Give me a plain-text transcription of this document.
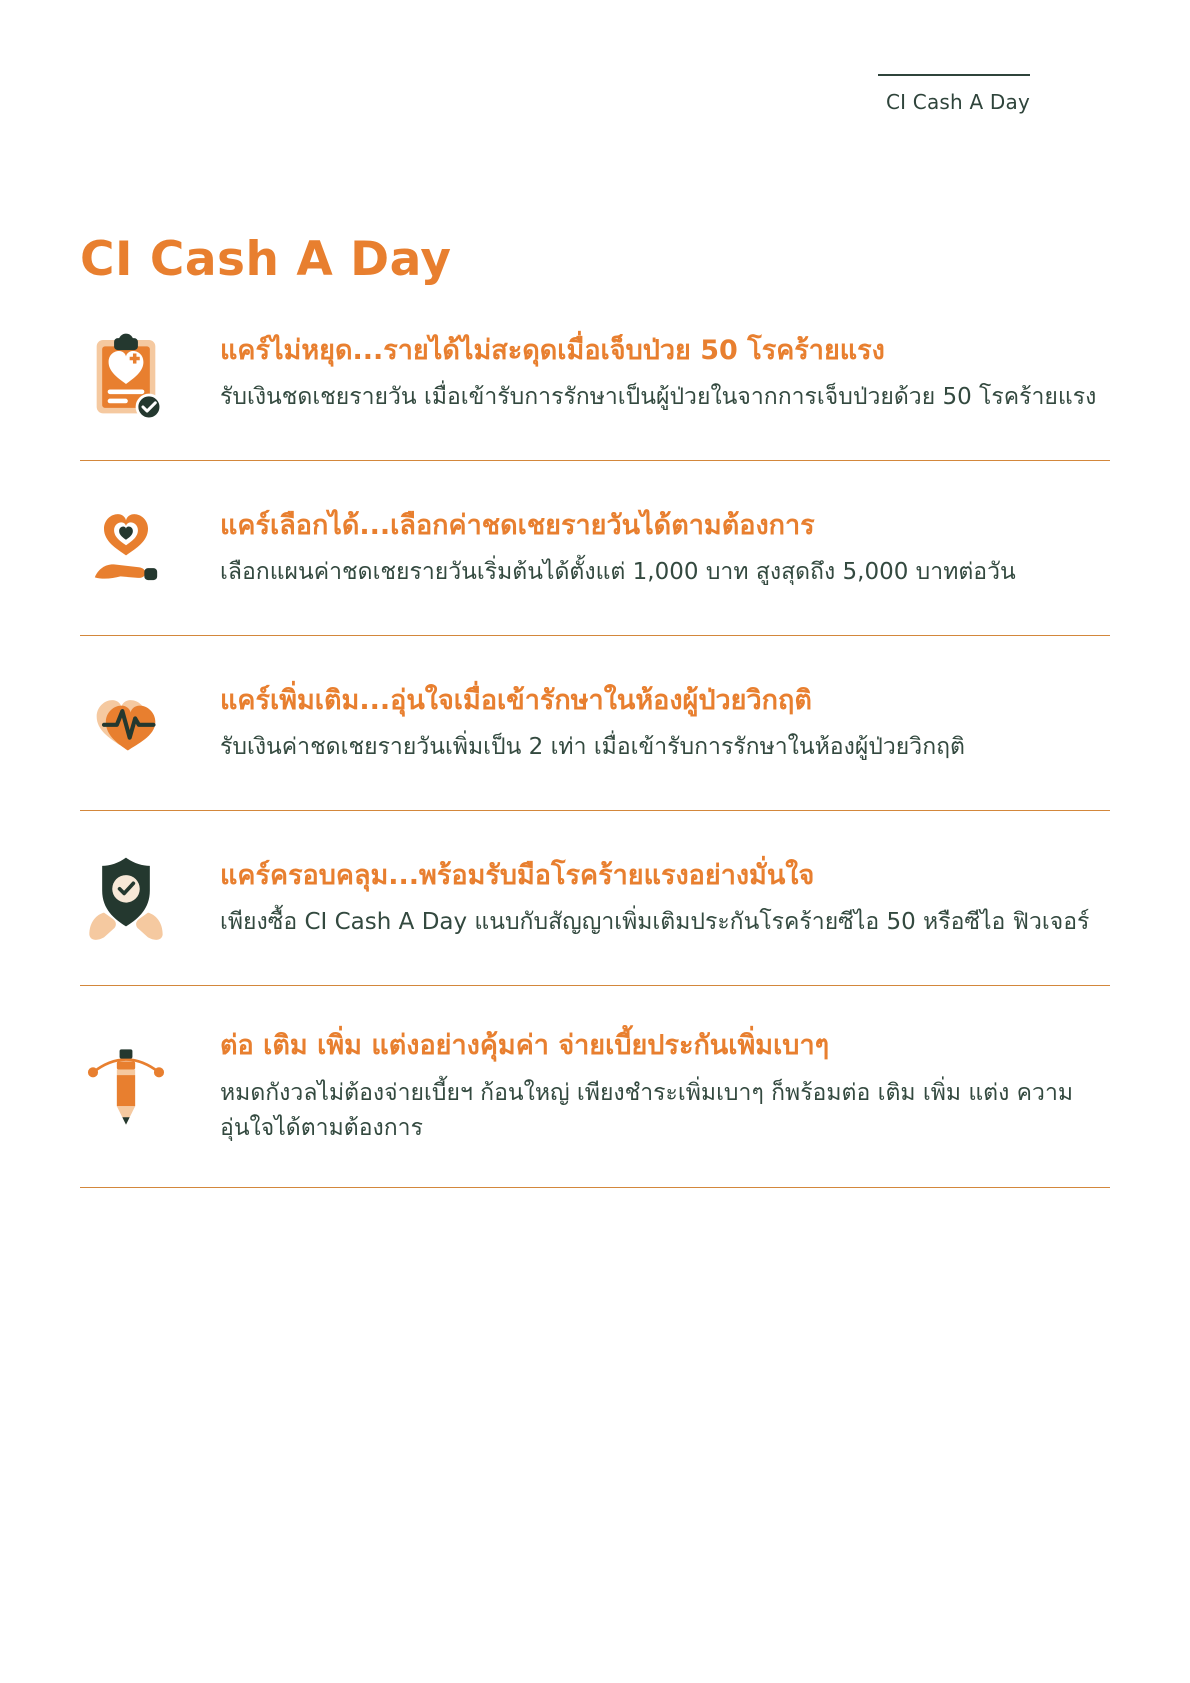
CI Cash A Day
CI Cash A Day
แคร์ไม่หยุด...รายได้ไม่สะดุดเมื่อเจ็บป่วย 50 โรคร้ายแรง

รับเงินชดเชยรายวัน เมื่อเข้ารับการรักษาเป็นผู้ป่วยในจากการเจ็บป่วยด้วย 50 โรคร้ายแรง

แคร์เลือกได้...เลือกค่าชดเชยรายวันได้ตามต้องการ

เลือกแผนค่าชดเชยรายวันเริ่มต้นได้ตั้งแต่ 1,000 บาท สูงสุดถึง 5,000 บาทต่อวัน

แคร์เพิ่มเติม...อุ่นใจเมื่อเข้ารักษาในห้องผู้ป่วยวิกฤติ

รับเงินค่าชดเชยรายวันเพิ่มเป็น 2 เท่า เมื่อเข้ารับการรักษาในห้องผู้ป่วยวิกฤติ

แคร์ครอบคลุม...พร้อมรับมือโรคร้ายแรงอย่างมั่นใจ

เพียงซื้อ CI Cash A Day แนบกับสัญญาเพิ่มเติมประกันโรคร้ายซีไอ 50 หรือซีไอ ฟิวเจอร์

ต่อ เติม เพิ่ม แต่งอย่างคุ้มค่า จ่ายเบี้ยประกันเพิ่มเบาๆ

หมดกังวลไม่ต้องจ่ายเบี้ยฯ ก้อนใหญ่ เพียงชำระเพิ่มเบาๆ ก็พร้อมต่อ เติม เพิ่ม แต่ง ความอุ่นใจได้ตามต้องการ
